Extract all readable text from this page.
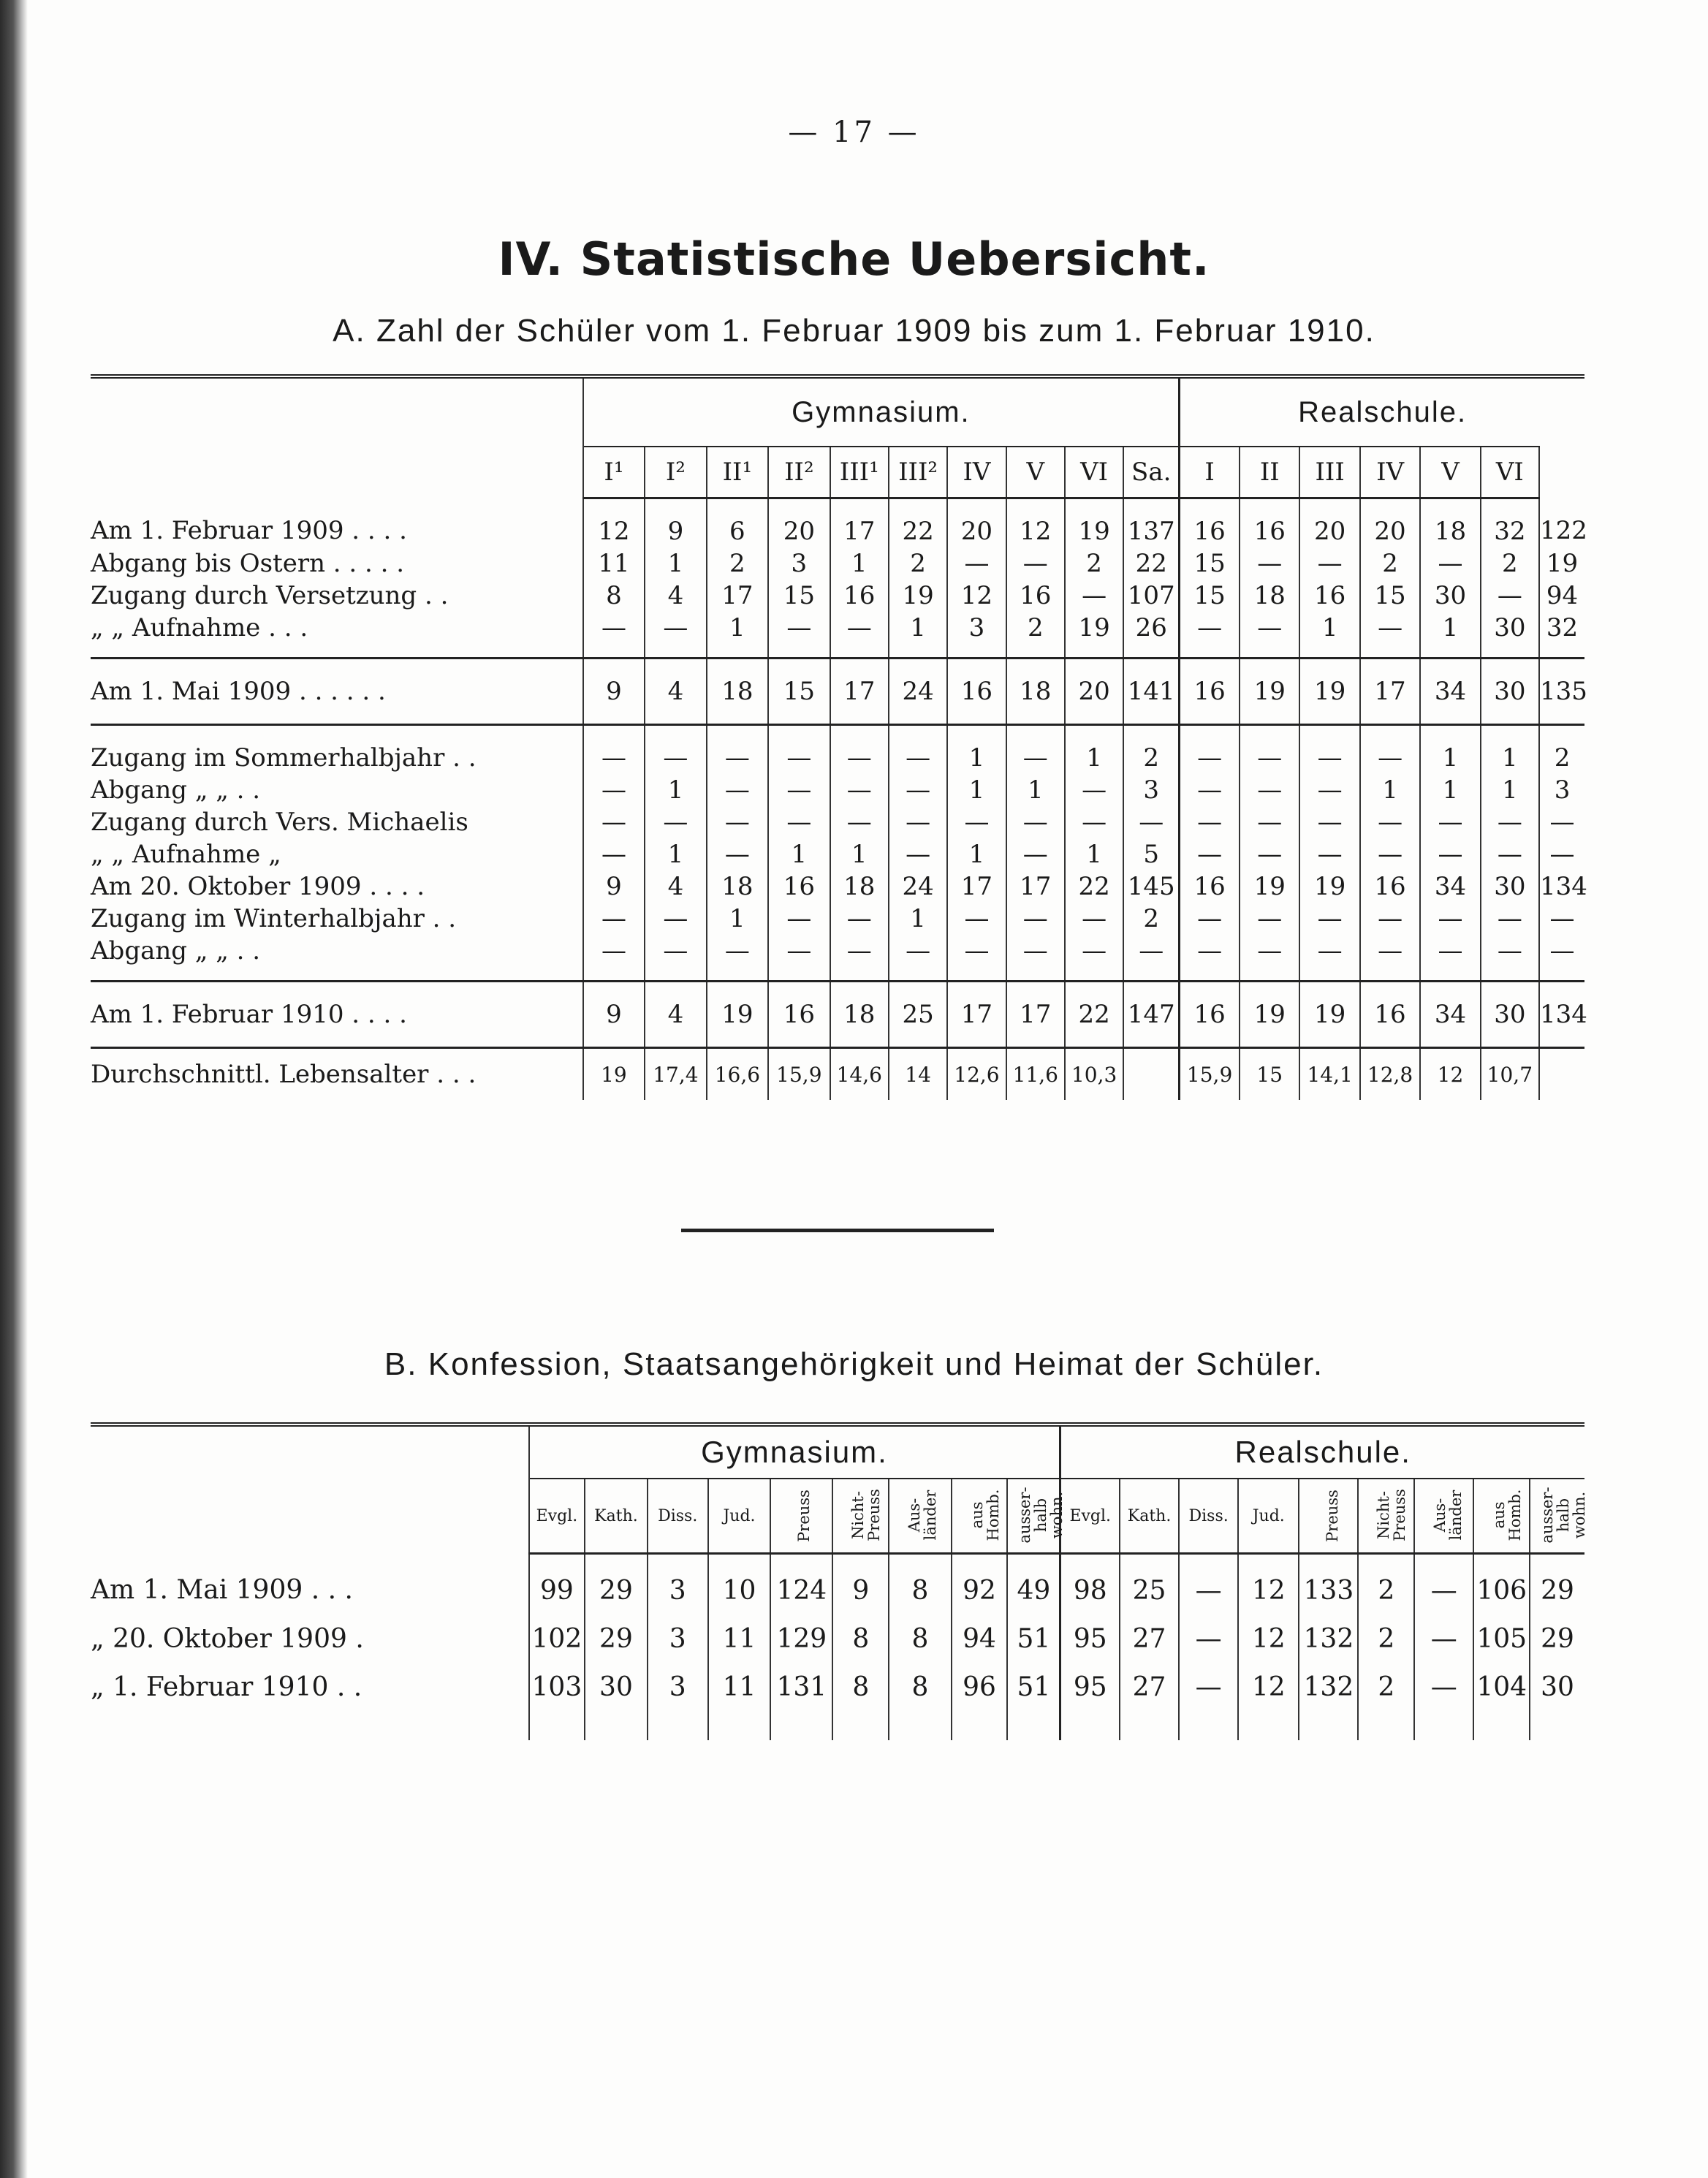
— 17 —
IV. Statistische Uebersicht.
A. Zahl der Schüler vom 1. Februar 1909 bis zum 1. Februar 1910.
	Gymnasium.										Realschule.						
	I¹	I²	II¹	II²	III¹	III²	IV	V	VI	Sa.	I	II	III	IV	V	VI	
Am 1. Februar 1909 . . . .	12	9	6	20	17	22	20	12	19	137	16	16	20	20	18	32	122
Abgang bis Ostern . . . . .	11	1	2	3	1	2	—	—	2	22	15	—	—	2	—	2	19
Zugang durch Versetzung . .	8	4	17	15	16	19	12	16	—	107	15	18	16	15	30	—	94
„ „ Aufnahme . . .	—	—	1	—	—	1	3	2	19	26	—	—	1	—	1	30	32
Am 1. Mai 1909 . . . . . .	9	4	18	15	17	24	16	18	20	141	16	19	19	17	34	30	135
Zugang im Sommerhalbjahr . .	—	—	—	—	—	—	1	—	1	2	—	—	—	—	1	1	2
Abgang „ „ . .	—	1	—	—	—	—	1	1	—	3	—	—	—	1	1	1	3
Zugang durch Vers. Michaelis	—	—	—	—	—	—	—	—	—	—	—	—	—	—	—	—	—
„ „ Aufnahme „	—	1	—	1	1	—	1	—	1	5	—	—	—	—	—	—	—
Am 20. Oktober 1909 . . . .	9	4	18	16	18	24	17	17	22	145	16	19	19	16	34	30	134
Zugang im Winterhalbjahr . .	—	—	1	—	—	1	—	—	—	2	—	—	—	—	—	—	—
Abgang „ „ . .	—	—	—	—	—	—	—	—	—	—	—	—	—	—	—	—	—
Am 1. Februar 1910 . . . .	9	4	19	16	18	25	17	17	22	147	16	19	19	16	34	30	134
Durchschnittl. Lebensalter . . .	19	17,4	16,6	15,9	14,6	14	12,6	11,6	10,3		15,9	15	14,1	12,8	12	10,7	
B. Konfession, Staatsangehörigkeit und Heimat der Schüler.
	Gymnasium.									Realschule.								
	Evgl.	Kath.	Diss.	Jud.	Preuss	Nicht-Preuss	Aus-länder	aus Homb.	ausser-halb wohn.	Evgl.	Kath.	Diss.	Jud.	Preuss	Nicht-Preuss	Aus-länder	aus Homb.	ausser-halb wohn.
Am 1. Mai 1909 . . .	99	29	3	10	124	9	8	92	49	98	25	—	12	133	2	—	106	29
„ 20. Oktober 1909 .	102	29	3	11	129	8	8	94	51	95	27	—	12	132	2	—	105	29
„ 1. Februar 1910 . .	103	30	3	11	131	8	8	96	51	95	27	—	12	132	2	—	104	30
